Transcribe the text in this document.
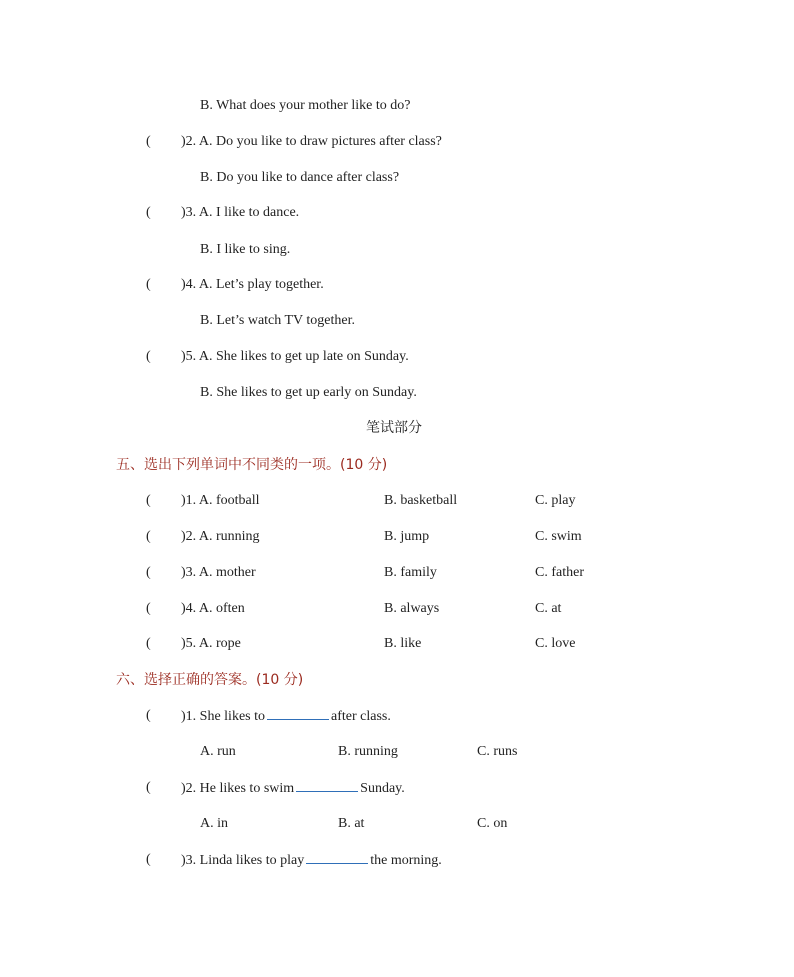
B. What does your mother like to do?
( )2. A. Do you like to draw pictures after class?
B. Do you like to dance after class?
( )3. A. I like to dance.
B. I like to sing.
( )4. A. Let’s play together.
B. Let’s watch TV together.
( )5. A. She likes to get up late on Sunday.
B. She likes to get up early on Sunday.
笔试部分
五、选出下列单词中不同类的一项。(10 分)
( )1. A. football	B. basketball	C. play
( )2. A. running	B. jump	C. swim
( )3. A. mother	B. family	C. father
( )4. A. often	B. always	C. at
( )5. A. rope	B. like	C. love
六、选择正确的答案。(10 分)
( )1. She likes to	after class.
A. run	B. running	C. runs
( )2. He likes to swim	Sunday.
A. in	B. at	C. on
( )3. Linda likes to play	the morning.
